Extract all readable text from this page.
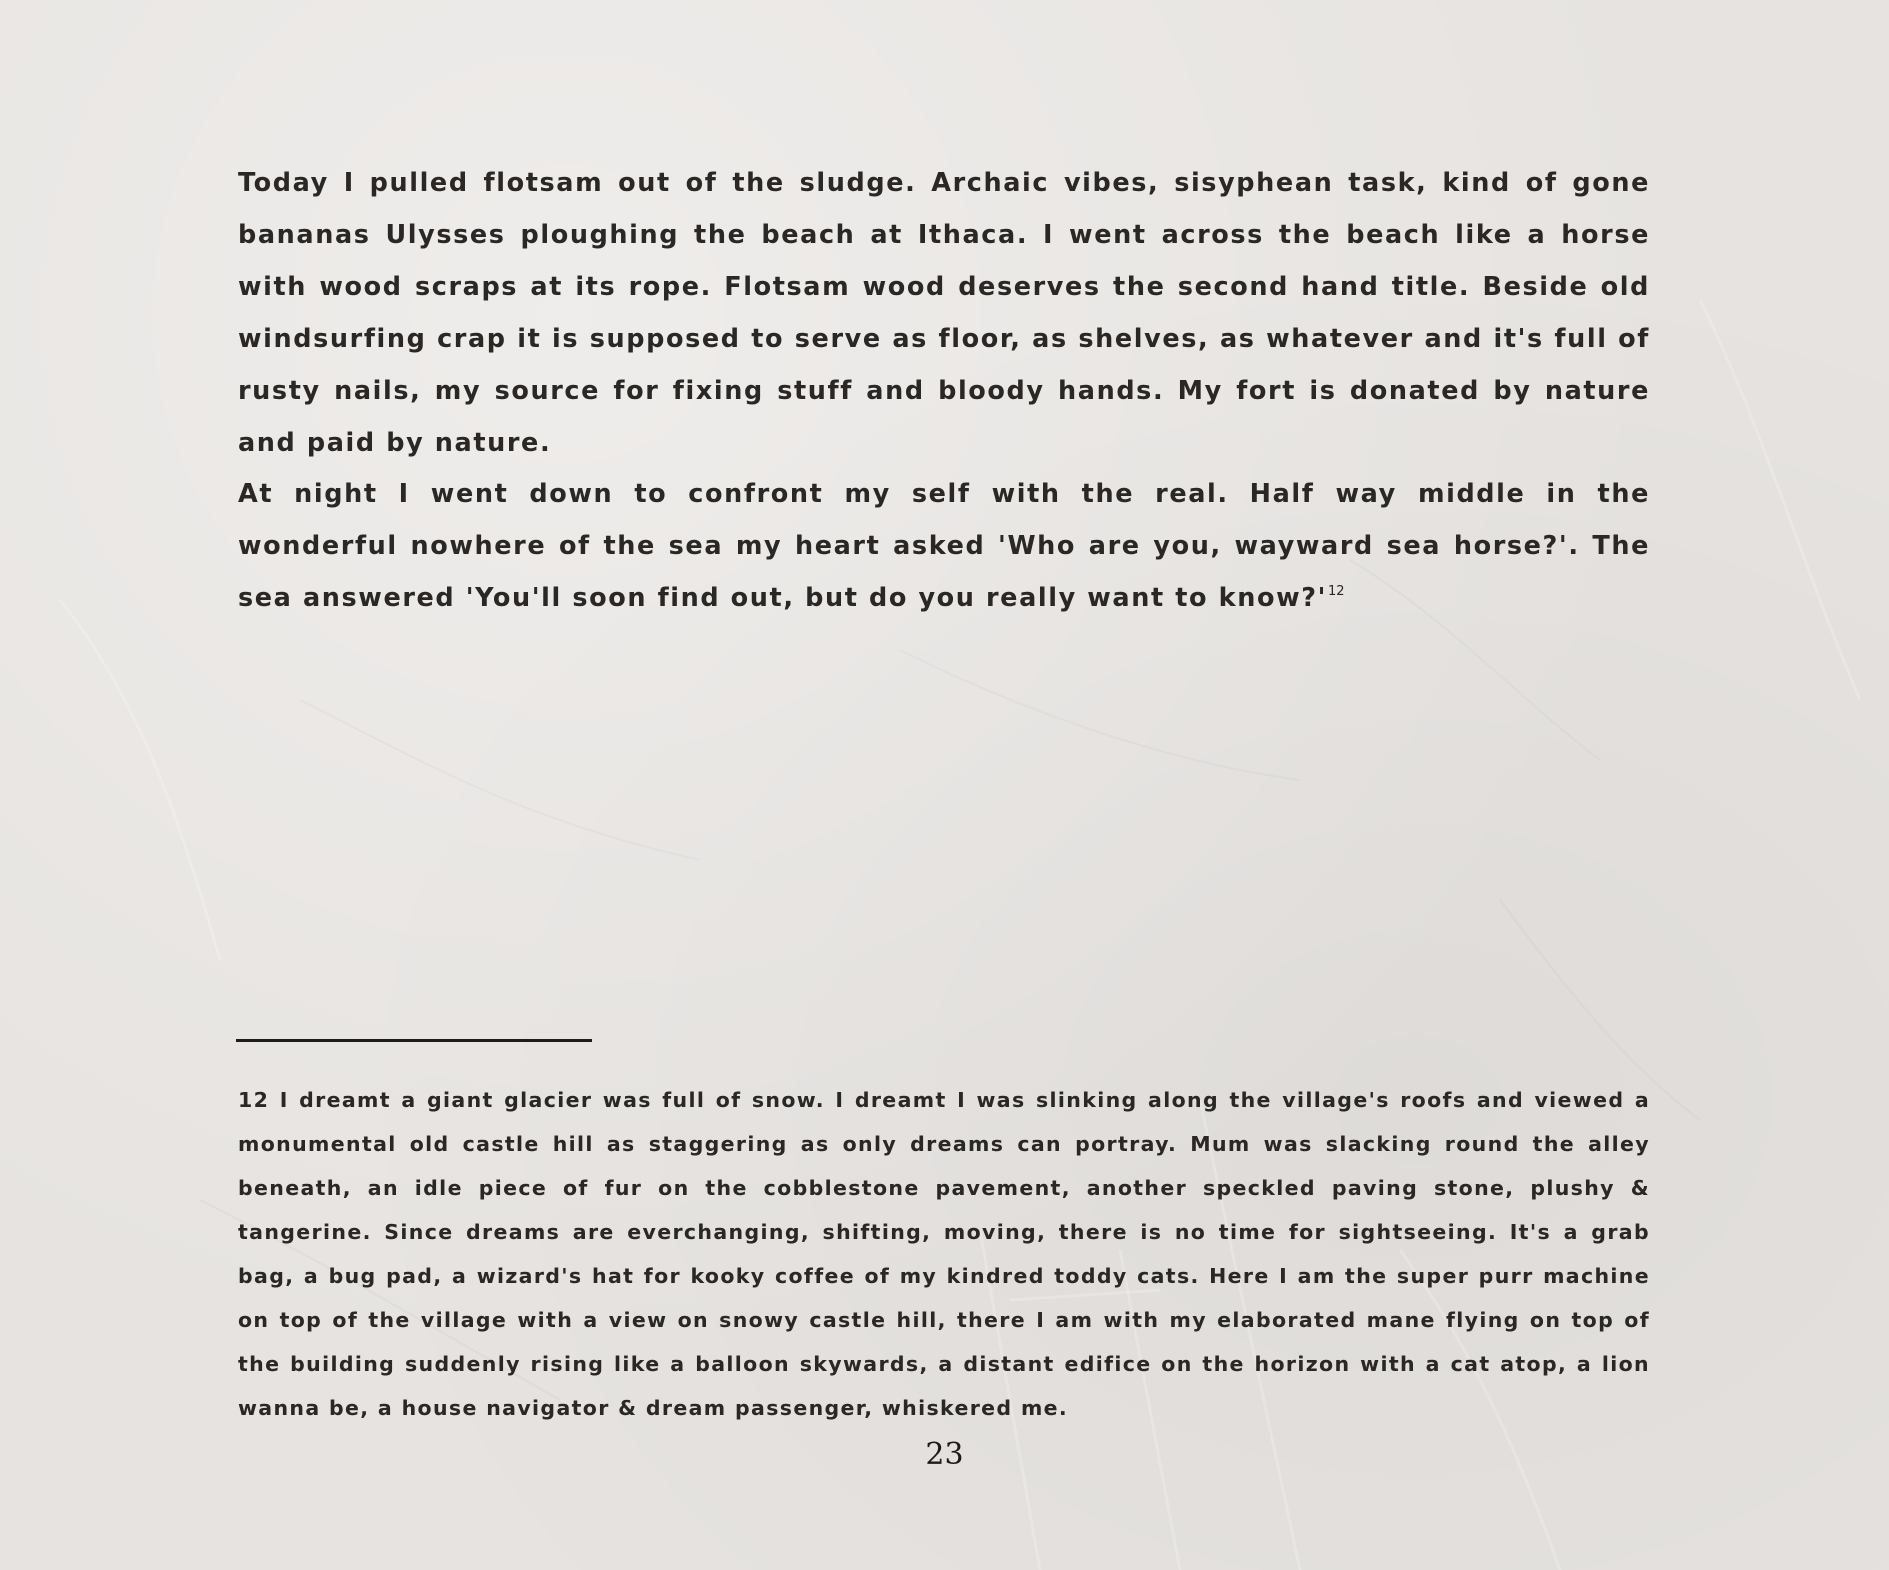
Today I pulled flotsam out of the sludge. Archaic vibes, sisyphean task, kind of gone bananas Ulysses ploughing the beach at Ithaca. I went across the beach like a horse with wood scraps at its rope. Flotsam wood deserves the second hand title. Beside old windsurfing crap it is supposed to serve as floor, as shelves, as whatever and it's full of rusty nails, my source for fixing stuff and bloody hands. My fort is donated by nature and paid by nature.

At night I went down to confront my self with the real. Half way middle in the wonderful nowhere of the sea my heart asked 'Who are you, wayward sea horse?'. The sea answered 'You'll soon find out, but do you really want to know?'$^{12}$

12 I dreamt a giant glacier was full of snow. I dreamt I was slinking along the village's roofs and viewed a monumental old castle hill as staggering as only dreams can portray. Mum was slacking round the alley beneath, an idle piece of fur on the cobblestone pavement, another speckled paving stone, plushy & tangerine. Since dreams are everchanging, shifting, moving, there is no time for sightseeing. It's a grab bag, a bug pad, a wizard's hat for kooky coffee of my kindred toddy cats. Here I am the super purr machine on top of the village with a view on snowy castle hill, there I am with my elaborated mane flying on top of the building suddenly rising like a balloon skywards, a distant edifice on the horizon with a cat atop, a lion wanna be, a house navigator & dream passenger, whiskered me.

23
